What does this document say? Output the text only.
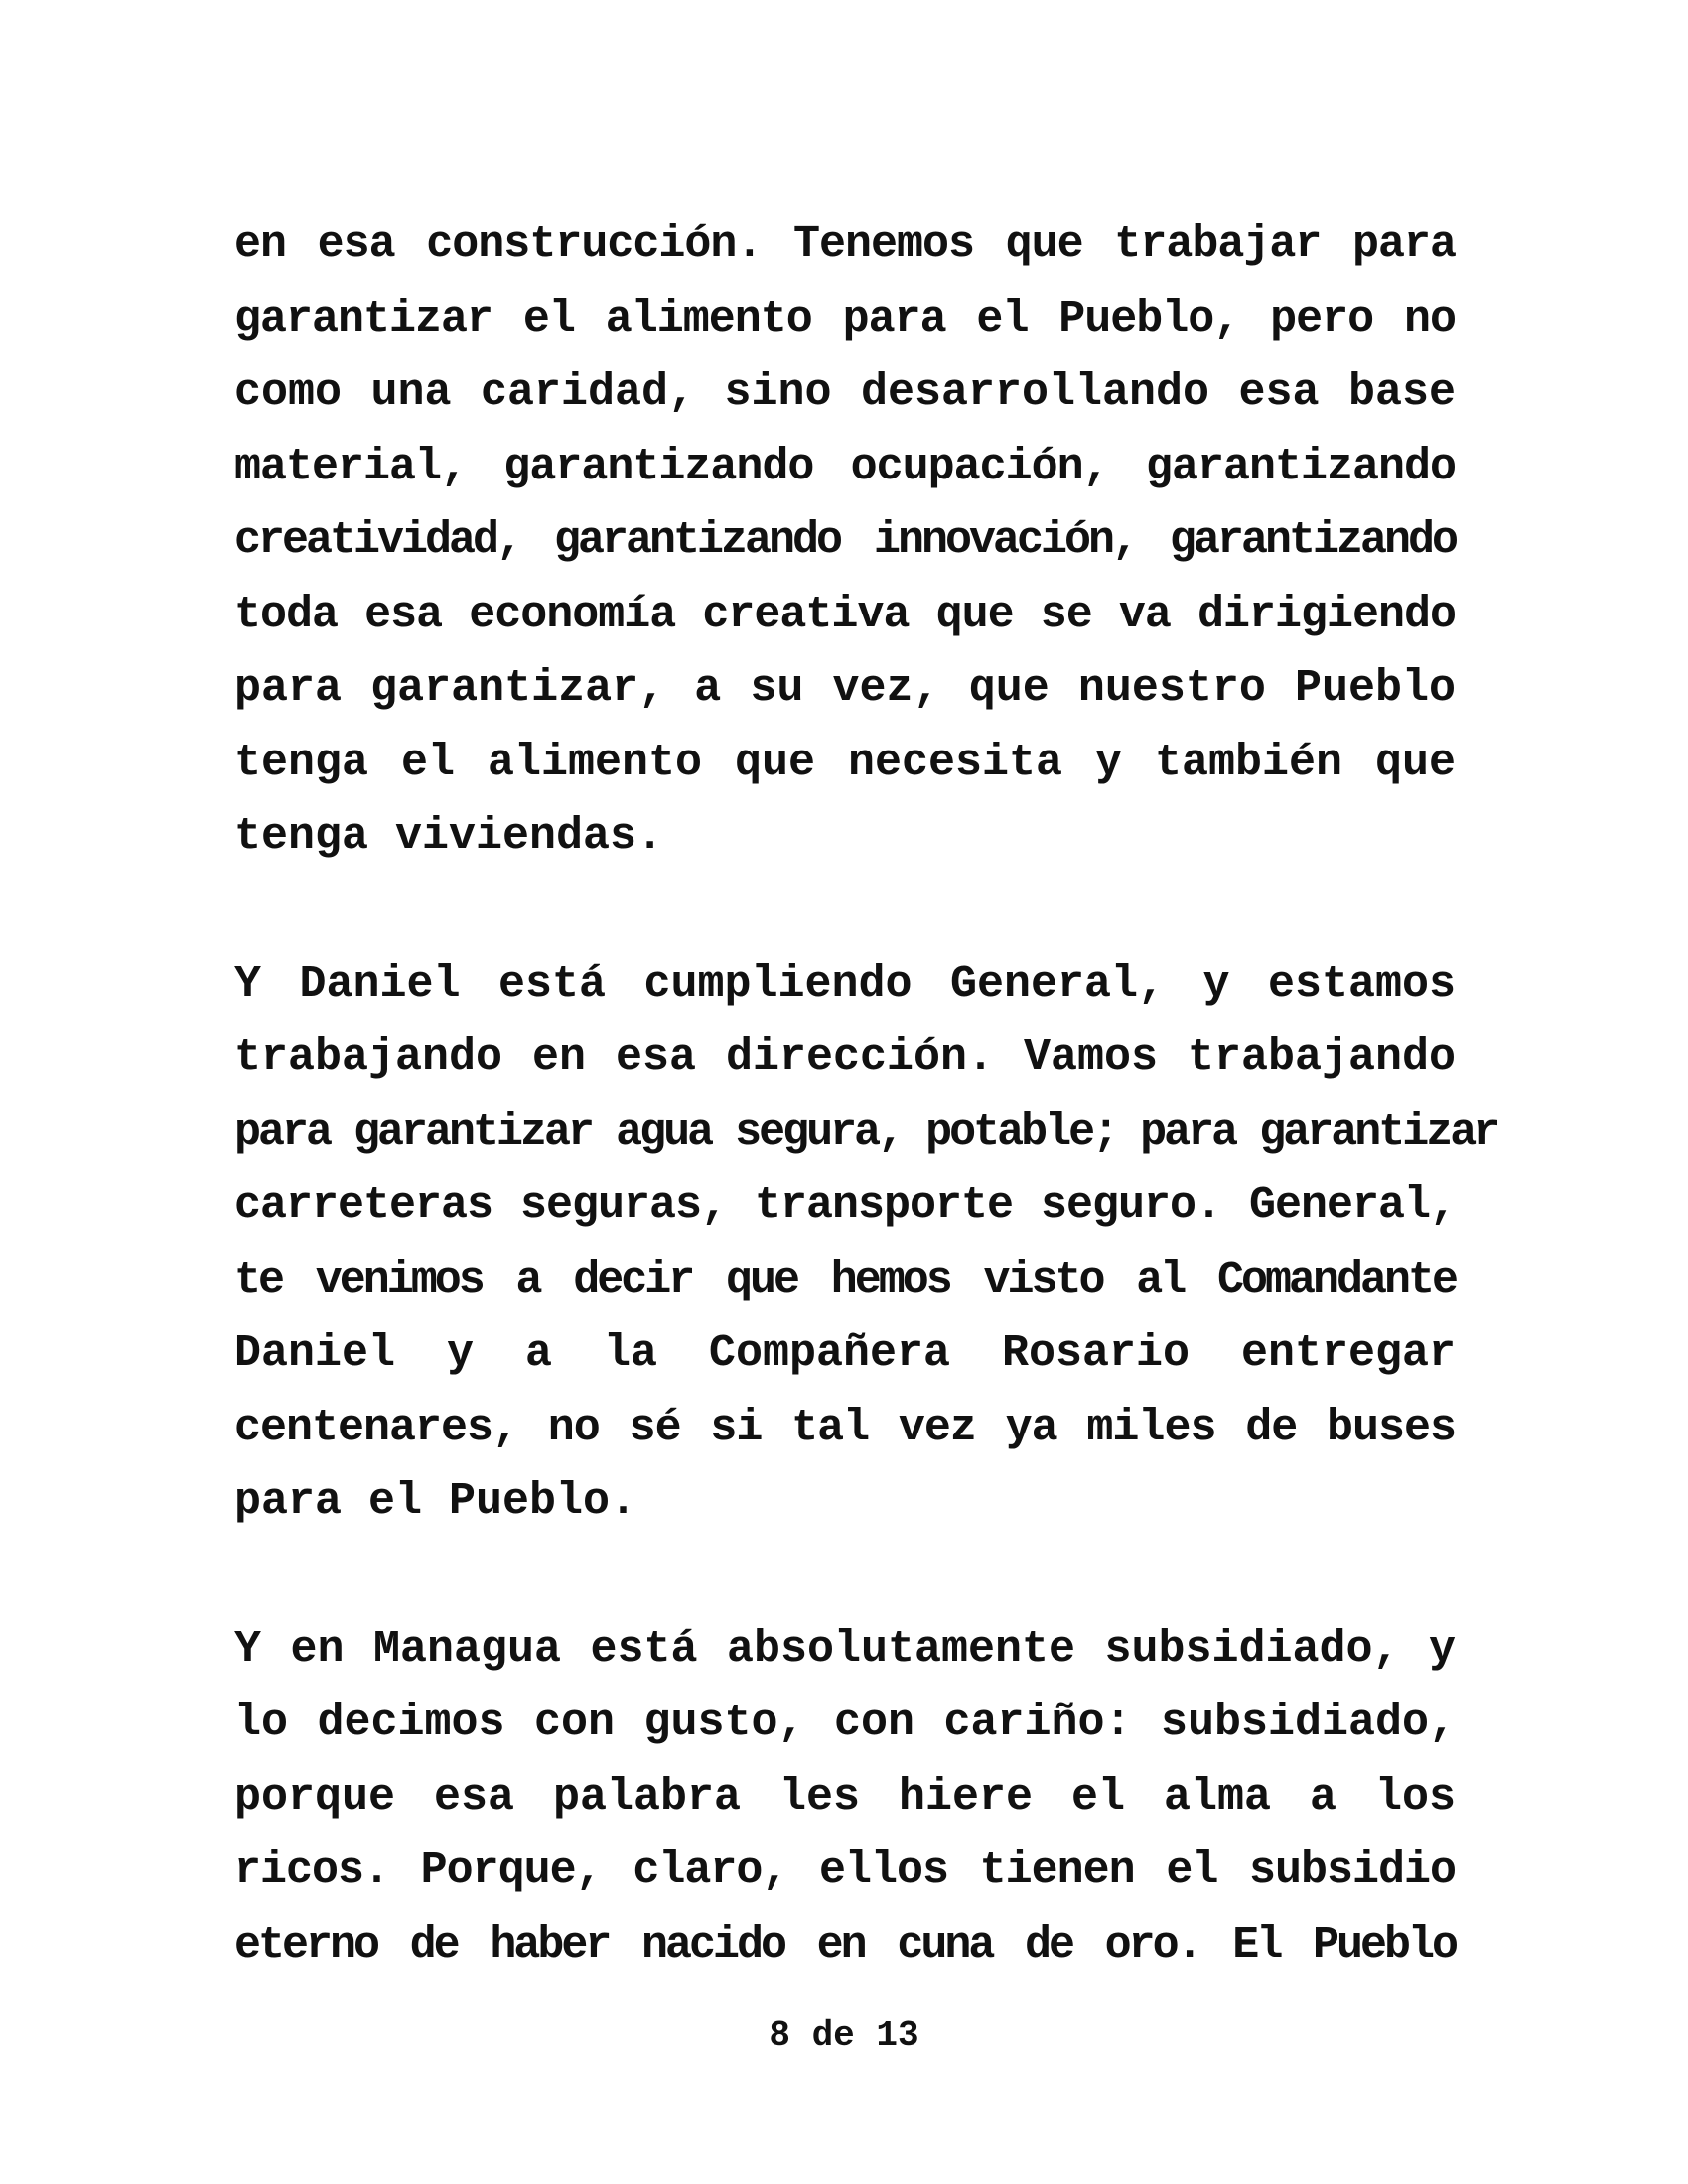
en esa construcción. Tenemos que trabajar para
garantizar el alimento para el Pueblo, pero no
como una caridad, sino desarrollando esa base
material, garantizando ocupación, garantizando
creatividad, garantizando innovación, garantizando
toda esa economía creativa que se va dirigiendo
para garantizar, a su vez, que nuestro Pueblo
tenga el alimento que necesita y también que
tenga viviendas.
Y Daniel está cumpliendo General, y estamos
trabajando en esa dirección. Vamos trabajando
para garantizar agua segura, potable; para garantizar
carreteras seguras, transporte seguro. General,
te venimos a decir que hemos visto al Comandante
Daniel y a la Compañera Rosario entregar
centenares, no sé si tal vez ya miles de buses
para el Pueblo.
Y en Managua está absolutamente subsidiado, y
lo decimos con gusto, con cariño: subsidiado,
porque esa palabra les hiere el alma a los
ricos. Porque, claro, ellos tienen el subsidio
eterno de haber nacido en cuna de oro. El Pueblo
8 de 13
